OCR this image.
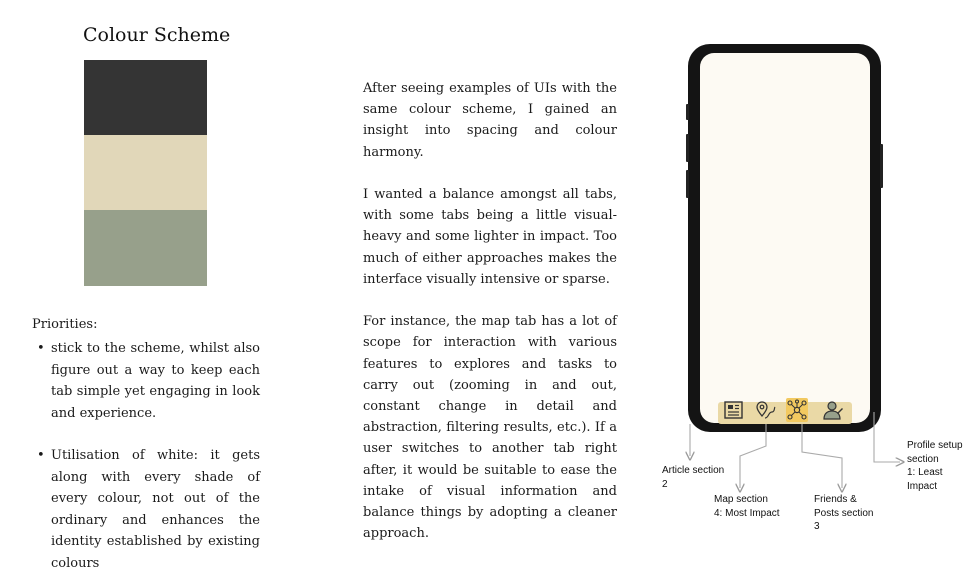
Colour Scheme
Priorities:
• stick to the scheme, whilst also figure out a way to keep each tab simple yet engaging in look and experience.
• Utilisation of white: it gets along with every shade of every colour, not out of the ordinary and enhances the identity established by existing colours

After seeing examples of UIs with the same colour scheme, I gained an insight into spacing and colour harmony.

I wanted a balance amongst all tabs, with some tabs being a little visual-heavy and some lighter in impact. Too much of either approaches makes the interface visually intensive or sparse.

For instance, the map tab has a lot of scope for interaction with various features to explores and tasks to carry out (zooming in and out, constant change in detail and abstraction, filtering results, etc.). If a user switches to another tab right after, it would be suitable to ease the intake of visual information and balance things by adopting a cleaner approach.

Article section
2
Map section
4: Most Impact
Friends &
Posts section
3
Profile setup
section
1: Least
Impact
